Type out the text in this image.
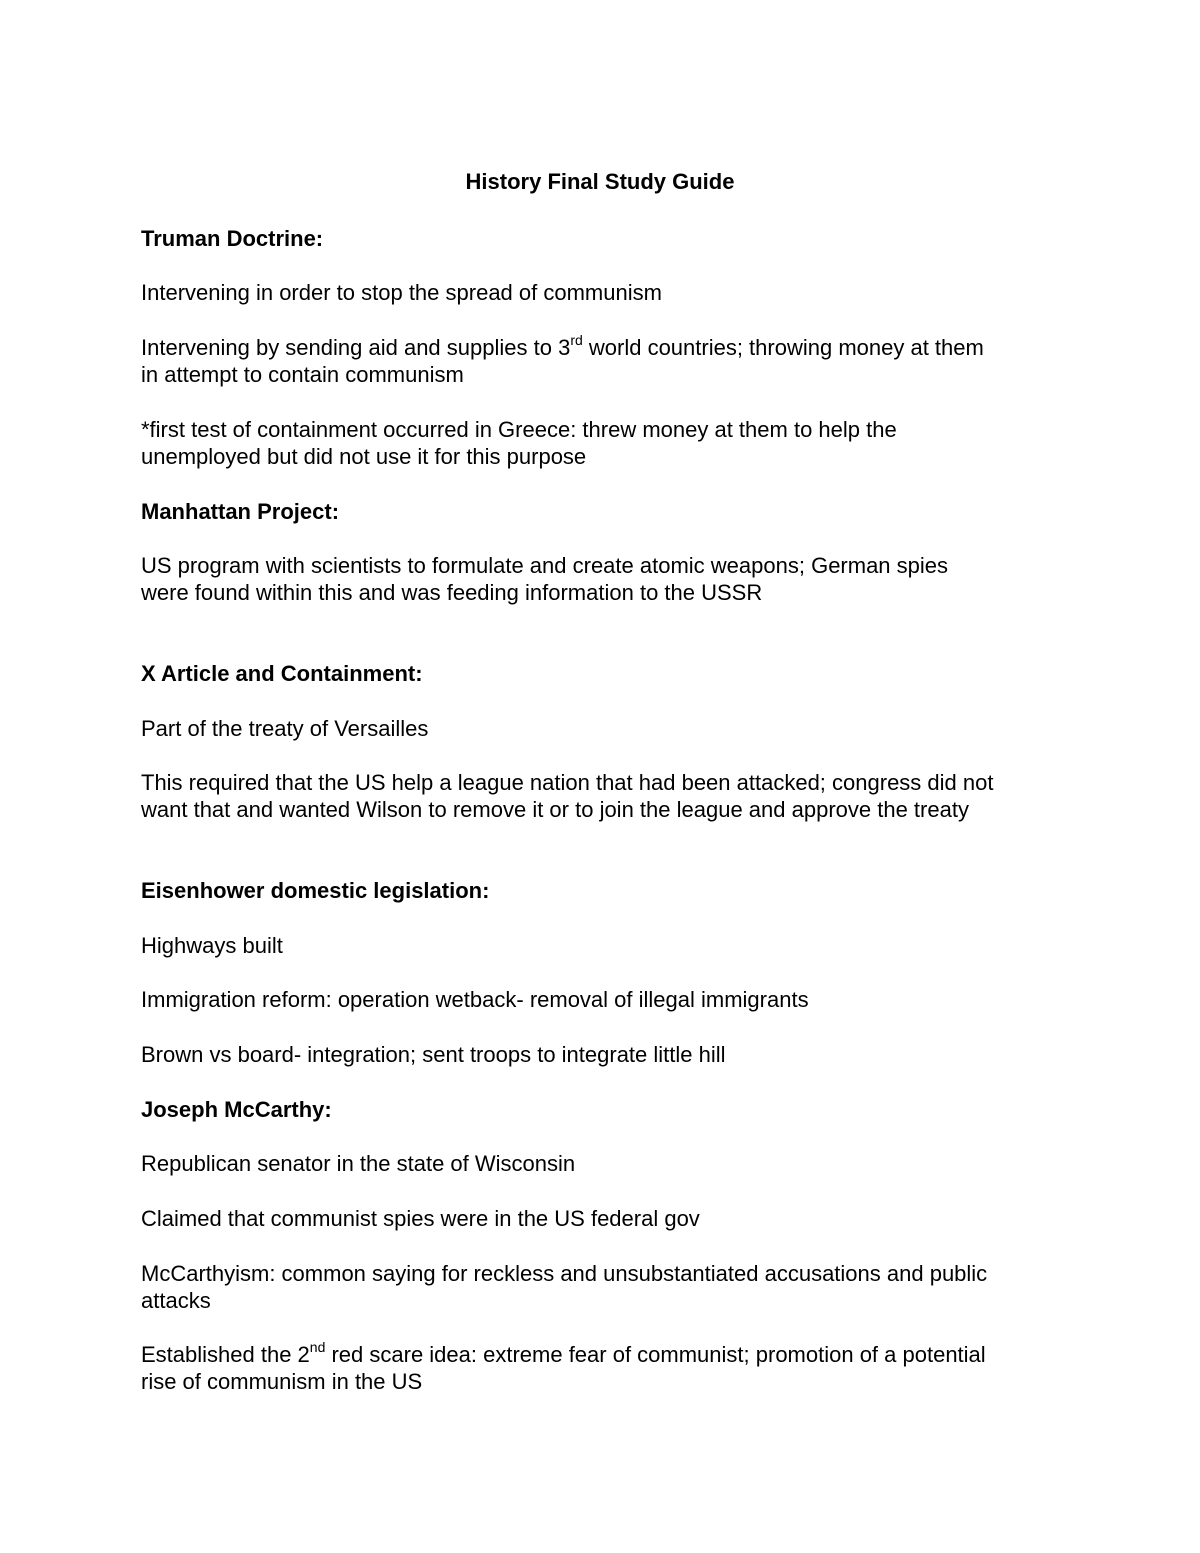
History Final Study Guide

Truman Doctrine:

Intervening in order to stop the spread of communism

Intervening by sending aid and supplies to 3rd world countries; throwing money at them
in attempt to contain communism

*first test of containment occurred in Greece: threw money at them to help the
unemployed but did not use it for this purpose

Manhattan Project:

US program with scientists to formulate and create atomic weapons; German spies
were found within this and was feeding information to the USSR

X Article and Containment:

Part of the treaty of Versailles

This required that the US help a league nation that had been attacked; congress did not
want that and wanted Wilson to remove it or to join the league and approve the treaty

Eisenhower domestic legislation:

Highways built

Immigration reform: operation wetback- removal of illegal immigrants

Brown vs board- integration; sent troops to integrate little hill

Joseph McCarthy:

Republican senator in the state of Wisconsin

Claimed that communist spies were in the US federal gov

McCarthyism: common saying for reckless and unsubstantiated accusations and public
attacks

Established the 2nd red scare idea: extreme fear of communist; promotion of a potential
rise of communism in the US
